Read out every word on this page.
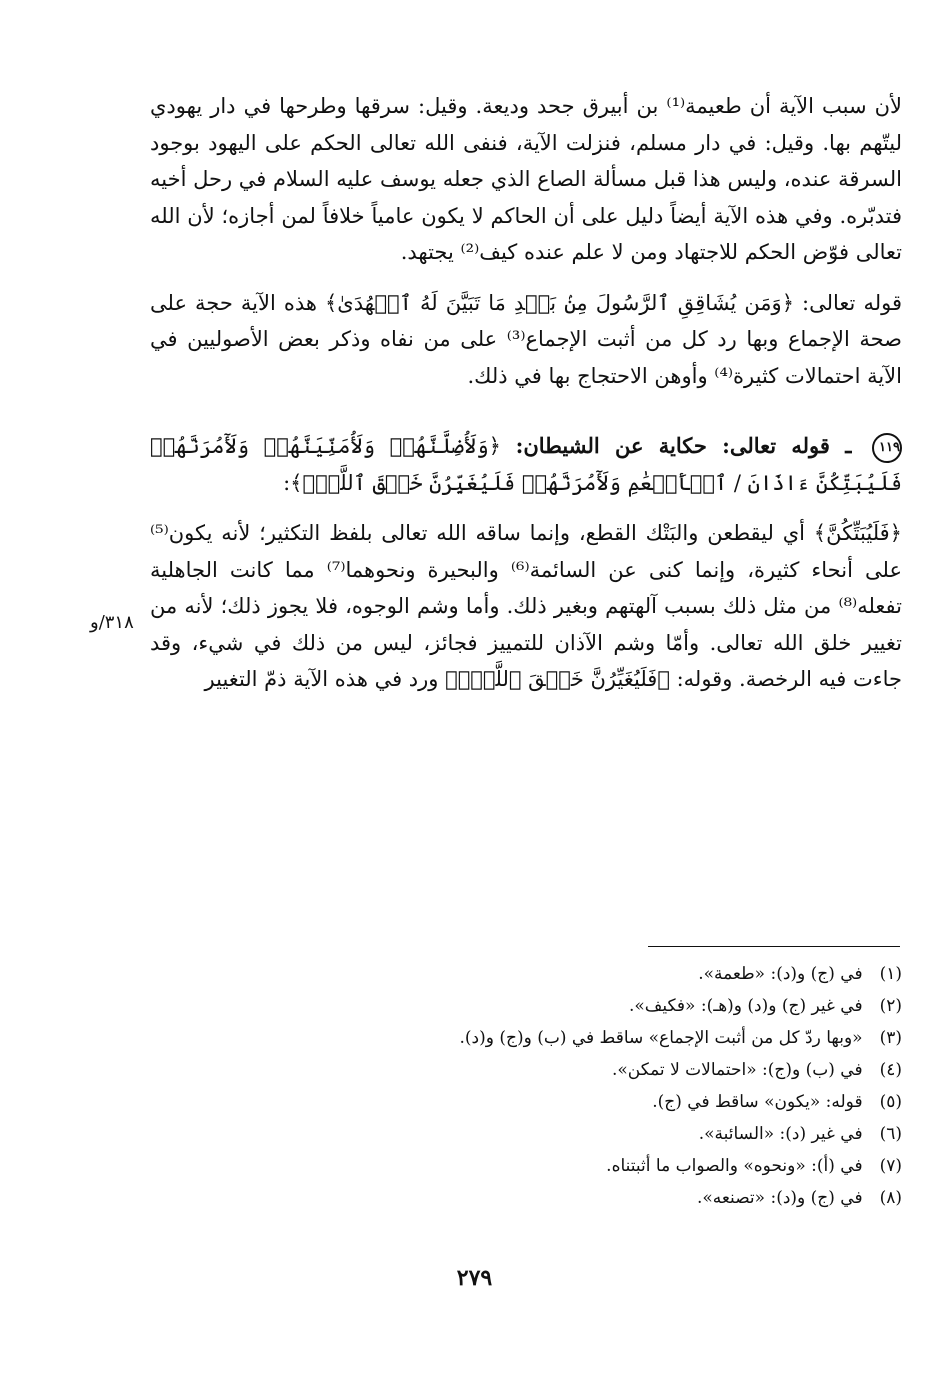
لأن سبب الآية أن طعيمة⁽¹⁾ بن أبيرق جحد وديعة. وقيل: سرقها وطرحها في دار يهودي ليتّهم بها. وقيل: في دار مسلم، فنزلت الآية، فنفى الله تعالى الحكم على اليهود بوجود السرقة عنده، وليس هذا قبل مسألة الصاع الذي جعله يوسف عليه السلام في رحل أخيه فتدبّره. وفي هذه الآية أيضاً دليل على أن الحاكم لا يكون عامياً خلافاً لمن أجازه؛ لأن الله تعالى فوّض الحكم للاجتهاد ومن لا علم عنده كيف⁽²⁾ يجتهد.

قوله تعالى: ﴿وَمَن يُشَاقِقِ ٱلرَّسُولَ مِنۢ بَعۡدِ مَا تَبَيَّنَ لَهُ ٱلۡهُدَىٰ﴾ هذه الآية حجة على صحة الإجماع وبها رد كل من أثبت الإجماع⁽³⁾ على من نفاه وذكر بعض الأصوليين في الآية احتمالات كثيرة⁽⁴⁾ وأوهن الاحتجاج بها في ذلك.

١١٩ ـ قوله تعالى: حكاية عن الشيطان: ﴿وَلَأُضِلَّنَّهُمۡ وَلَأُمَنِّيَنَّهُمۡ وَلَأٓمُرَنَّهُمۡ فَلَيُبَتِّكُنَّ ءَاذَانَ / ٱلۡأَنۡعَٰمِ وَلَأٓمُرَنَّهُمۡ فَلَيُغَيِّرُنَّ خَلۡقَ ٱللَّهِۚ﴾:

﴿فَلَيُبَتِّكُنَّ﴾ أي ليقطعن والبَتْك القطع، وإنما ساقه الله تعالى بلفظ التكثير؛ لأنه يكون⁽⁵⁾ على أنحاء كثيرة، وإنما كنى عن السائمة⁽⁶⁾ والبحيرة ونحوهما⁽⁷⁾ مما كانت الجاهلية تفعله⁽⁸⁾ من مثل ذلك بسبب آلهتهم وبغير ذلك. وأما وشم الوجوه، فلا يجوز ذلك؛ لأنه من تغيير خلق الله تعالى. وأمّا وشم الآذان للتمييز فجائز، ليس من ذلك في شيء، وقد جاءت فيه الرخصة. وقوله: ﴿فَلَيُغَيِّرُنَّ خَلۡقَ ٱللَّهِۚ﴾ ورد في هذه الآية ذمّ التغيير

٣١٨/و
(١) في (ج) و(د): «طعمة».
(٢) في غير (ج) و(د) و(هـ): «فكيف».
(٣) «وبها ردّ كل من أثبت الإجماع» ساقط في (ب) و(ج) و(د).
(٤) في (ب) و(ج): «احتمالات لا تمكن».
(٥) قوله: «يكون» ساقط في (ج).
(٦) في غير (د): «السائبة».
(٧) في (أ): «ونحوه» والصواب ما أثبتناه.
(٨) في (ج) و(د): «تصنعه».
٢٧٩
